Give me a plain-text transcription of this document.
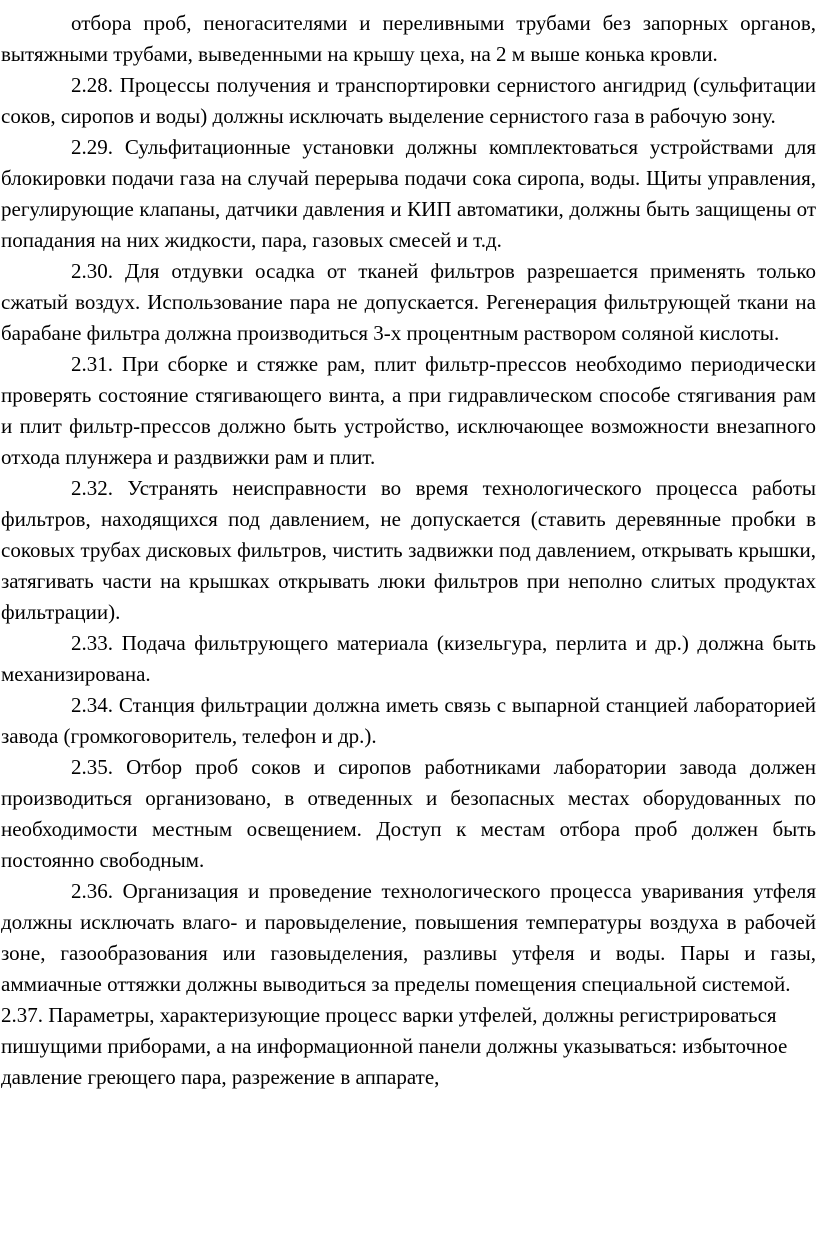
отбора проб, пеногасителями и переливными трубами без запорных органов, вытяжными трубами, выведенными на крышу цеха, на 2 м выше конька кровли.

2.28. Процессы получения и транспортировки сернистого ангидрид (сульфитации соков, сиропов и воды) должны исключать выделение сернистого газа в рабочую зону.

2.29. Сульфитационные установки должны комплектоваться устройствами для блокировки подачи газа на случай перерыва подачи сока сиропа, воды. Щиты управления, регулирующие клапаны, датчики давления и КИП автоматики, должны быть защищены от попадания на них жидкости, пара, газовых смесей и т.д.

2.30. Для отдувки осадка от тканей фильтров разрешается применять только сжатый воздух. Использование пара не допускается. Регенерация фильтрующей ткани на барабане фильтра должна производиться 3-х процентным раствором соляной кислоты.

2.31. При сборке и стяжке рам, плит фильтр-прессов необходимо периодически проверять состояние стягивающего винта, а при гидравлическом способе стягивания рам и плит фильтр-прессов должно быть устройство, исключающее возможности внезапного отхода плунжера и раздвижки рам и плит.

2.32. Устранять неисправности во время технологического процесса работы фильтров, находящихся под давлением, не допускается (ставить деревянные пробки в соковых трубах дисковых фильтров, чистить задвижки под давлением, открывать крышки, затягивать части на крышках открывать люки фильтров при неполно слитых продуктах фильтрации).

2.33. Подача фильтрующего материала (кизельгура, перлита и др.) должна быть механизирована.

2.34. Станция фильтрации должна иметь связь с выпарной станцией лабораторией завода (громкоговоритель, телефон и др.).

2.35. Отбор проб соков и сиропов работниками лаборатории завода должен производиться организовано, в отведенных и безопасных местах оборудованных по необходимости местным освещением. Доступ к местам отбора проб должен быть постоянно свободным.

2.36. Организация и проведение технологического процесса уваривания утфеля должны исключать влаго- и паровыделение, повышения температуры воздуха в рабочей зоне, газообразования или газовыделения, разливы утфеля и воды. Пары и газы, аммиачные оттяжки должны выводиться за пределы помещения специальной системой.

2.37. Параметры, характеризующие процесс варки утфелей, должны регистрироваться пишущими приборами, а на информационной панели должны указываться: избыточное давление греющего пара, разрежение в аппарате,
